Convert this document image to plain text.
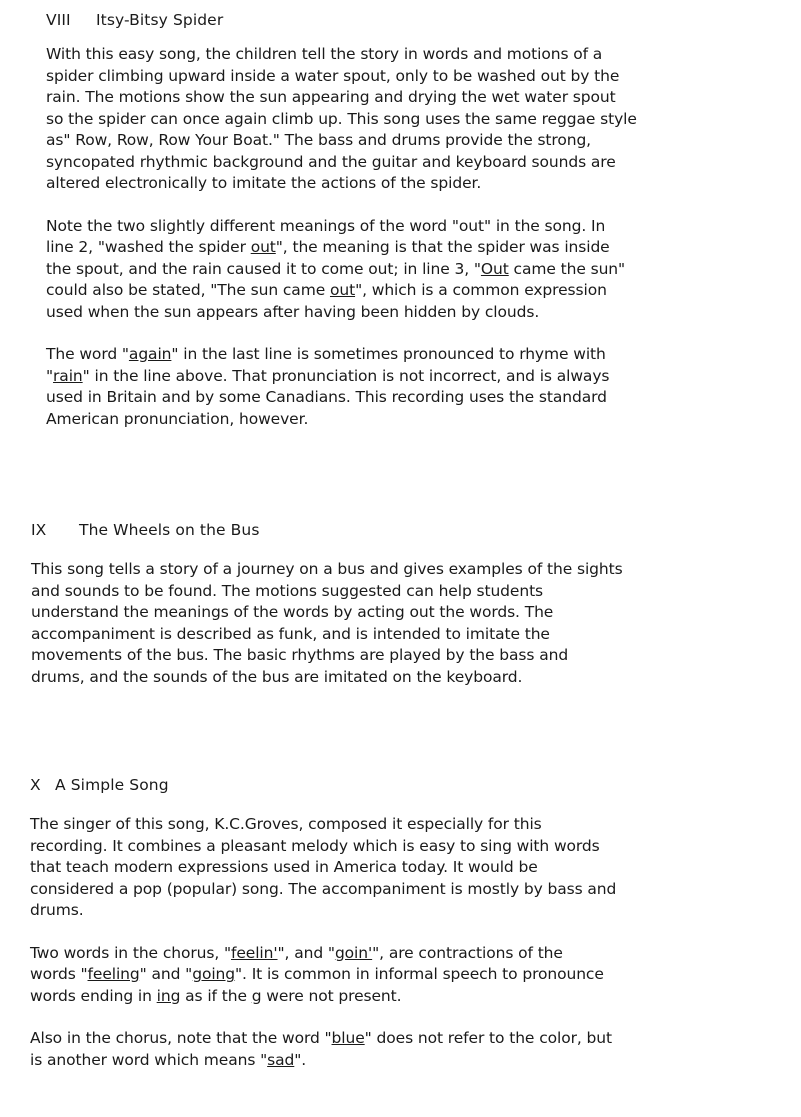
VIII Itsy-Bitsy Spider

With this easy song, the children tell the story in words and motions of a
spider climbing upward inside a water spout, only to be washed out by the
rain. The motions show the sun appearing and drying the wet water spout
so the spider can once again climb up. This song uses the same reggae style
as" Row, Row, Row Your Boat." The bass and drums provide the strong,
syncopated rhythmic background and the guitar and keyboard sounds are
altered electronically to imitate the actions of the spider.

Note the two slightly different meanings of the word "out" in the song. In
line 2, "washed the spider out", the meaning is that the spider was inside
the spout, and the rain caused it to come out; in line 3, "Out came the sun"
could also be stated, "The sun came out", which is a common expression
used when the sun appears after having been hidden by clouds.

The word "again" in the last line is sometimes pronounced to rhyme with
"rain" in the line above. That pronunciation is not incorrect, and is always
used in Britain and by some Canadians. This recording uses the standard
American pronunciation, however.

IX The Wheels on the Bus

This song tells a story of a journey on a bus and gives examples of the sights
and sounds to be found. The motions suggested can help students
understand the meanings of the words by acting out the words. The
accompaniment is described as funk, and is intended to imitate the
movements of the bus. The basic rhythms are played by the bass and
drums, and the sounds of the bus are imitated on the keyboard.

X A Simple Song

The singer of this song, K.C.Groves, composed it especially for this
recording. It combines a pleasant melody which is easy to sing with words
that teach modern expressions used in America today. It would be
considered a pop (popular) song. The accompaniment is mostly by bass and
drums.

Two words in the chorus, "feelin'", and "goin'", are contractions of the
words "feeling" and "going". It is common in informal speech to pronounce
words ending in ing as if the g were not present.

Also in the chorus, note that the word "blue" does not refer to the color, but
is another word which means "sad".
